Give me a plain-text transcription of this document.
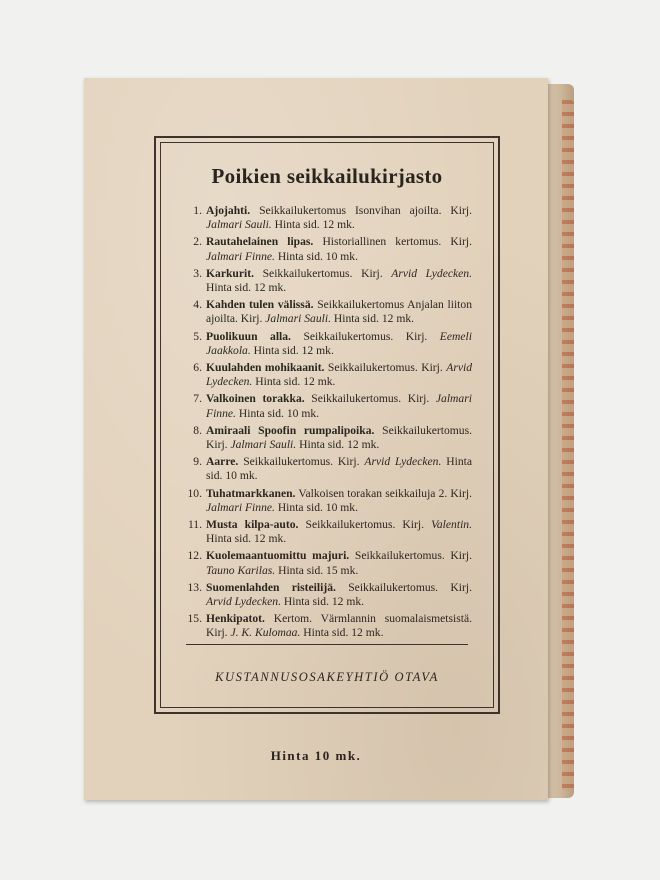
Poikien seikkailukirjasto
1. Ajojahti. Seikkailukertomus Isonvihan ajoilta. Kirj. Jalmari Sauli. Hinta sid. 12 mk.
2. Rautahelainen lipas. Historiallinen kertomus. Kirj. Jalmari Finne. Hinta sid. 10 mk.
3. Karkurit. Seikkailukertomus. Kirj. Arvid Lydecken. Hinta sid. 12 mk.
4. Kahden tulen välissä. Seikkailukertomus Anjalan liiton ajoilta. Kirj. Jalmari Sauli. Hinta sid. 12 mk.
5. Puolikuun alla. Seikkailukertomus. Kirj. Eemeli Jaakkola. Hinta sid. 12 mk.
6. Kuulahden mohikaanit. Seikkailukertomus. Kirj. Arvid Lydecken. Hinta sid. 12 mk.
7. Valkoinen torakka. Seikkailukertomus. Kirj. Jalmari Finne. Hinta sid. 10 mk.
8. Amiraali Spoofin rumpalipoika. Seikkailukertomus. Kirj. Jalmari Sauli. Hinta sid. 12 mk.
9. Aarre. Seikkailukertomus. Kirj. Arvid Lydecken. Hinta sid. 10 mk.
10. Tuhatmarkkanen. Valkoisen torakan seikkailuja 2. Kirj. Jalmari Finne. Hinta sid. 10 mk.
11. Musta kilpa-auto. Seikkailukertomus. Kirj. Valentin. Hinta sid. 12 mk.
12. Kuolemaantuomittu majuri. Seikkailukertomus. Kirj. Tauno Karilas. Hinta sid. 15 mk.
13. Suomenlahden risteilijä. Seikkailukertomus. Kirj. Arvid Lydecken. Hinta sid. 12 mk.
15. Henkipatot. Kertom. Värmlannin suomalaismetsistä. Kirj. J. K. Kulomaa. Hinta sid. 12 mk.
KUSTANNUSOSAKEYHTIÖ OTAVA
Hinta 10 mk.
